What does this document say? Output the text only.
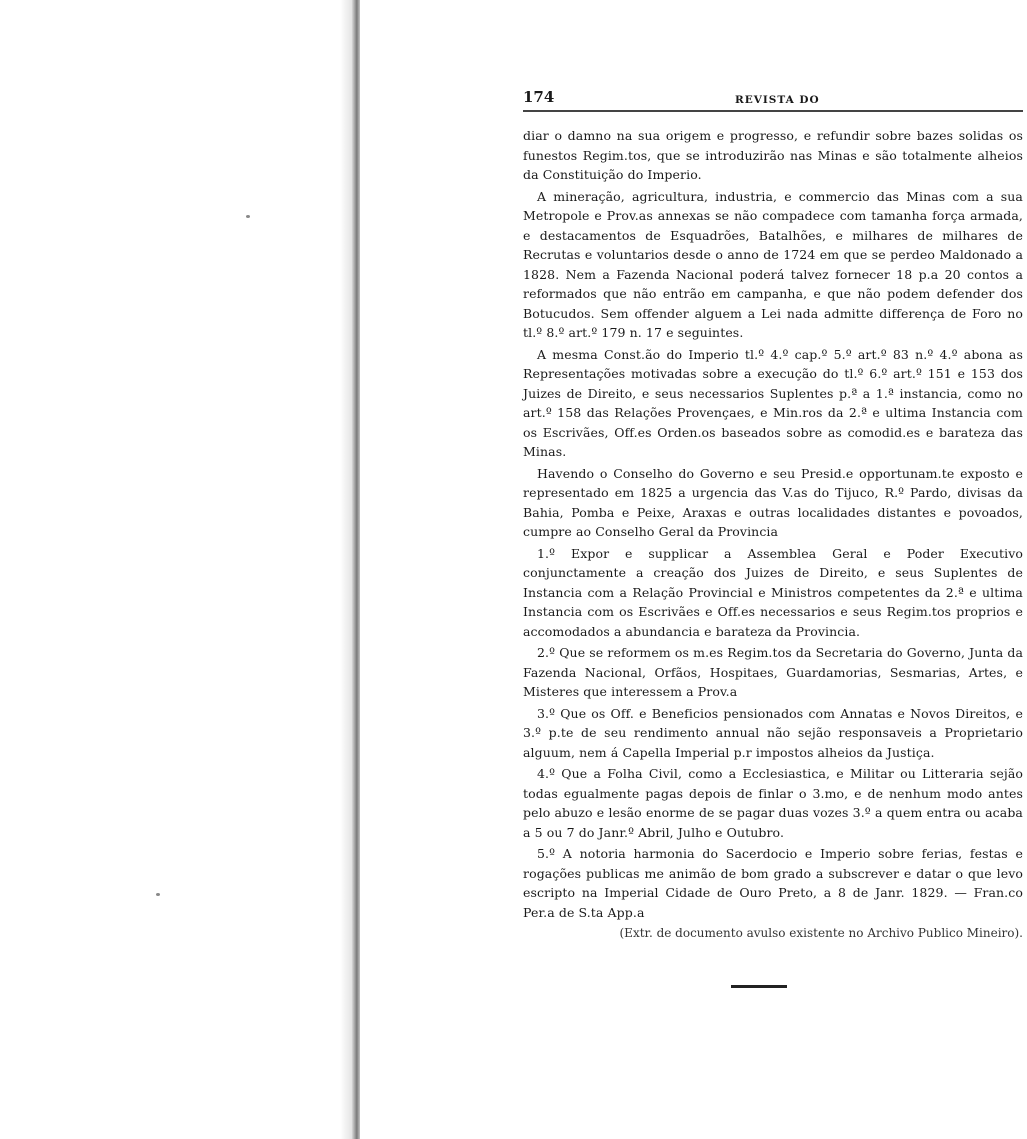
174	REVISTA DO

diar o damno na sua origem e progresso, e refundir sobre bazes solidas os funestos Regim.tos, que se introduzirão nas Minas e são totalmente alheios da Constituição do Imperio.

A mineração, agricultura, industria, e commercio das Minas com a sua Metropole e Prov.as annexas se não compadece com tamanha força armada, e destacamentos de Esquadrões, Batalhões, e milhares de milhares de Recrutas e voluntarios desde o anno de 1724 em que se perdeo Maldonado a 1828. Nem a Fazenda Nacional poderá talvez fornecer 18 p.a 20 contos a reformados que não entrão em campanha, e que não podem defender dos Botucudos. Sem offender alguem a Lei nada admitte differença de Foro no tl.º 8.º art.º 179 n. 17 e seguintes.

A mesma Const.ão do Imperio tl.º 4.º cap.º 5.º art.º 83 n.º 4.º abona as Representações motivadas sobre a execução do tl.º 6.º art.º 151 e 153 dos Juizes de Direito, e seus necessarios Suplentes p.ª a 1.ª instancia, como no art.º 158 das Relações Provençaes, e Min.ros da 2.ª e ultima Instancia com os Escrivães, Off.es Orden.os baseados sobre as comodid.es e barateza das Minas.

Havendo o Conselho do Governo e seu Presid.e opportunam.te exposto e representado em 1825 a urgencia das V.as do Tijuco, R.º Pardo, divisas da Bahia, Pomba e Peixe, Araxas e outras localidades distantes e povoados, cumpre ao Conselho Geral da Provincia

1.º Expor e supplicar a Assemblea Geral e Poder Executivo conjunctamente a creação dos Juizes de Direito, e seus Suplentes de Instancia com a Relação Provincial e Ministros competentes da 2.ª e ultima Instancia com os Escrivães e Off.es necessarios e seus Regim.tos proprios e accomodados a abundancia e barateza da Provincia.

2.º Que se reformem os m.es Regim.tos da Secretaria do Governo, Junta da Fazenda Nacional, Orfãos, Hospitaes, Guardamorias, Sesmarias, Artes, e Misteres que interessem a Prov.a

3.º Que os Off. e Beneficios pensionados com Annatas e Novos Direitos, e 3.º p.te de seu rendimento annual não sejão responsaveis a Proprietario alguum, nem á Capella Imperial p.r impostos alheios da Justiça.

4.º Que a Folha Civil, como a Ecclesiastica, e Militar ou Litteraria sejão todas egualmente pagas depois de finlar o 3.mo, e de nenhum modo antes pelo abuzo e lesão enorme de se pagar duas vozes 3.º a quem entra ou acaba a 5 ou 7 do Janr.º Abril, Julho e Outubro.

5.º A notoria harmonia do Sacerdocio e Imperio sobre ferias, festas e rogações publicas me animão de bom grado a subscrever e datar o que levo escripto na Imperial Cidade de Ouro Preto, a 8 de Janr. 1829. — Fran.co Per.a de S.ta App.a

(Extr. de documento avulso existente no Archivo Publico Mineiro).
